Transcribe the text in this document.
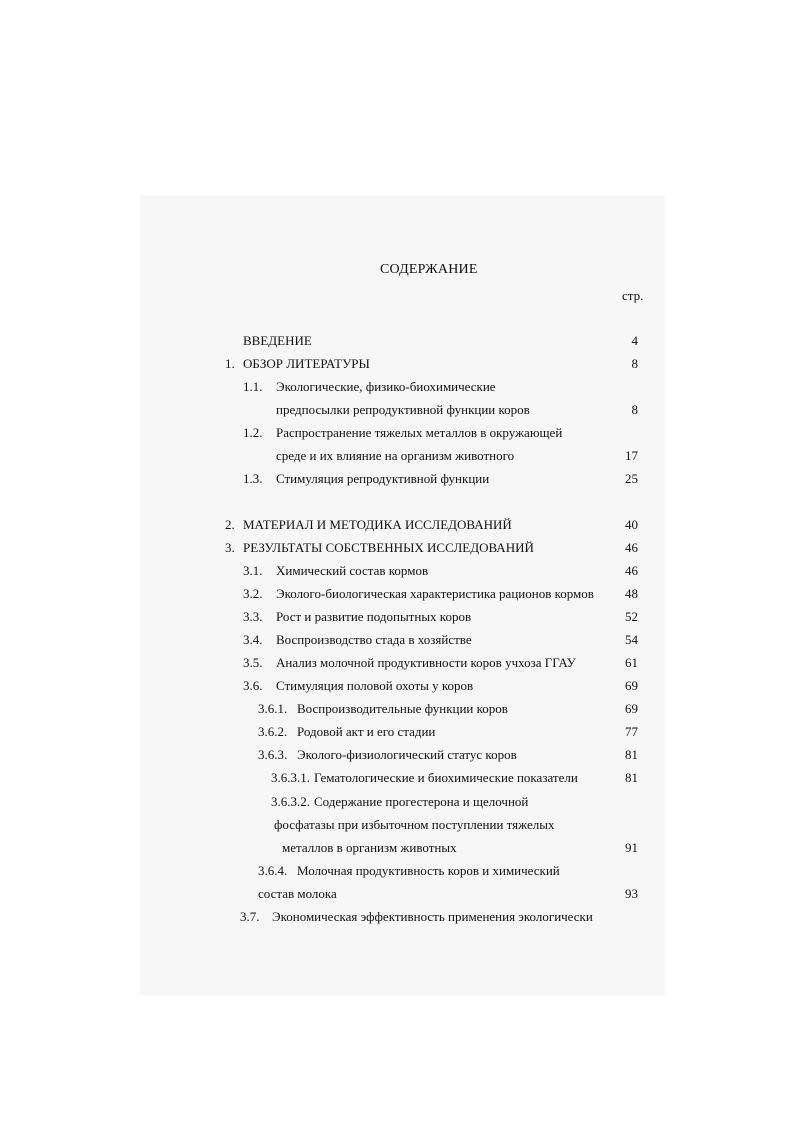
СОДЕРЖАНИЕ
стр.
ВВЕДЕНИЕ	4
1. ОБЗОР ЛИТЕРАТУРЫ	8
1.1. Экологические, физико-биохимические
предпосылки репродуктивной функции коров	8
1.2. Распространение тяжелых металлов в окружающей
среде и их влияние на организм животного	17
1.3. Стимуляция репродуктивной функции	25
2. МАТЕРИАЛ И МЕТОДИКА ИССЛЕДОВАНИЙ	40
3. РЕЗУЛЬТАТЫ СОБСТВЕННЫХ ИССЛЕДОВАНИЙ	46
3.1. Химический состав кормов	46
3.2. Эколого-биологическая характеристика рационов кормов	48
3.3. Рост и развитие подопытных коров	52
3.4. Воспроизводство стада в хозяйстве	54
3.5. Анализ молочной продуктивности коров учхоза ГГАУ	61
3.6. Стимуляция половой охоты у коров	69
3.6.1. Воспроизводительные функции коров	69
3.6.2. Родовой акт и его стадии	77
3.6.3. Эколого-физиологический статус коров	81
3.6.3.1. Гематологические и биохимические показатели	81
3.6.3.2. Содержание прогестерона и щелочной
фосфатазы при избыточном поступлении тяжелых
металлов в организм животных	91
3.6.4. Молочная продуктивность коров и химический
состав молока	93
3.7. Экономическая эффективность применения экологически
